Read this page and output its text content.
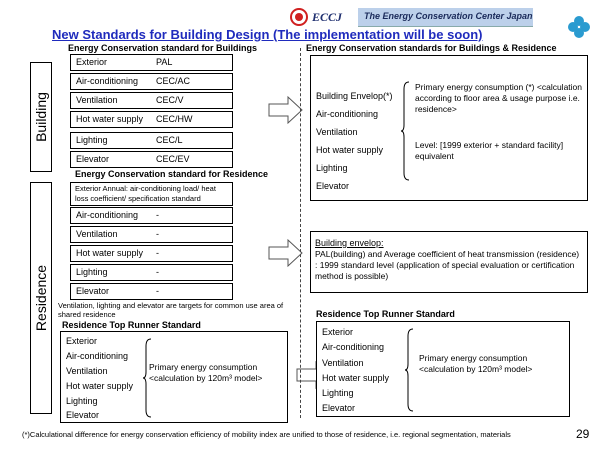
ECCJ The Energy Conservation Center Japan
New Standards for Building Design (The implementation will be soon)
Building
Residence
Energy Conservation standard for Buildings
Exterior	PAL
Air-conditioning CEC/AC
Ventilation	CEC/V
Hot water supply CEC/HW
Lighting	CEC/L
Elevator	CEC/EV
Energy Conservation standard for Residence
Exterior Annual: air-conditioning load/ heat loss coefficient/ specification standard
Air-conditioning -
Ventilation	-
Hot water supply -
Lighting	-
Elevator	-
Ventilation, lighting and elevator are targets for common use area of shared residence
Residence Top Runner Standard
Exterior
Air-conditioning
Ventilation
Hot water supply
Lighting
Elevator
Primary energy consumption <calculation by 120m³ model>
Energy Conservation standards for Buildings & Residence
Building Envelop(*)
Air-conditioning
Ventilation
Hot water supply
Lighting
Elevator
Primary energy consumption (*) <calculation according to floor area & usage purpose i.e. residence>
Level: [1999 exterior + standard facility] equivalent
Building envelop:
PAL(building) and Average coefficient of heat transmission (residence) : 1999 standard level (application of special evaluation or certification method is possible)
Residence Top Runner Standard
Exterior
Air-conditioning
Ventilation
Hot water supply
Lighting
Elevator
Primary energy consumption <calculation by 120m³ model>
(*)Calculational difference for energy conservation efficiency of mobility index are unified to those of residence, i.e. regional segmentation, materials	29
